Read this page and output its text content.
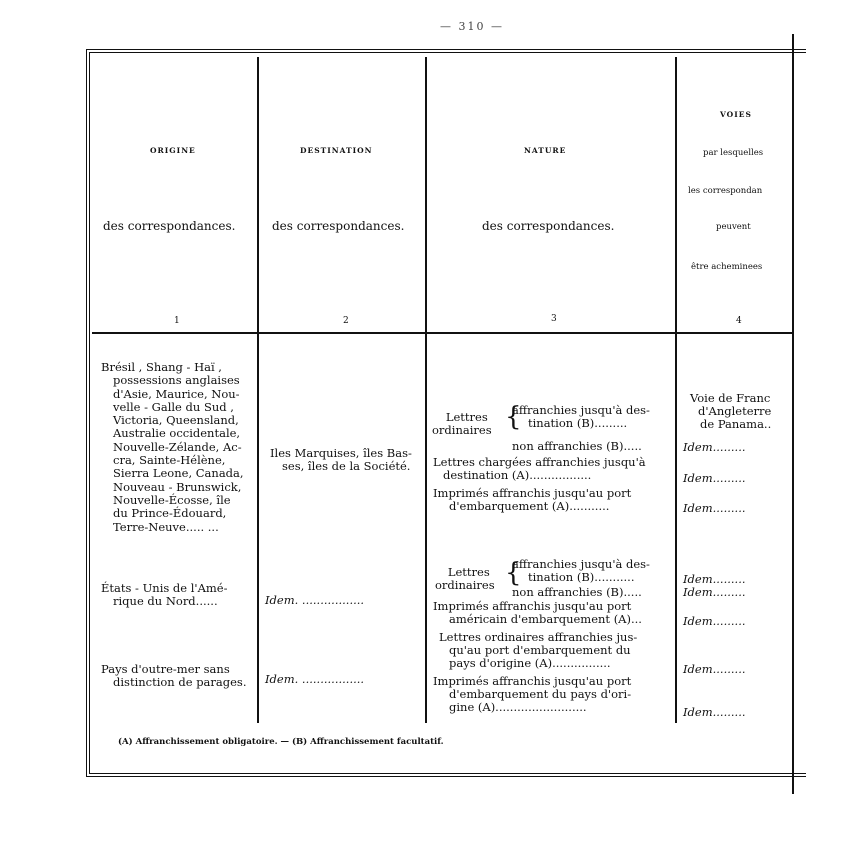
— 310 —
ORIGINE
des correspondances.
1
DESTINATION
des correspondances.
2
NATURE
des correspondances.
3
VOIES
par lesquelles
les correspondan
peuvent
être acheminees
4
Brésil , Shang - Haï ,
possessions anglaises
d'Asie, Maurice, Nou-
velle - Galle du Sud ,
Victoria, Queensland,
Australie occidentale,
Nouvelle-Zélande, Ac-
cra, Sainte-Hélène,
Sierra Leone, Canada,
Nouveau - Brunswick,
Nouvelle-Écosse, île
du Prince-Édouard,
Terre-Neuve..... ...
Iles Marquises, îles Bas-
ses, îles de la Société.
Lettres
ordinaires {
affranchies jusqu'à des-
tination (B).........
non affranchies (B).....
Lettres chargées affranchies jusqu'à
destination (A).................
Imprimés affranchis jusqu'au port
d'embarquement (A)...........
Voie de Franc
d'Angleterre
de Panama..
Idem.........
Idem.........
Idem.........
États - Unis de l'Amé-
rique du Nord......	Idem. .................
Lettres
ordinaires {
affranchies jusqu'à des-
tination (B)...........
non affranchies (B).....
Imprimés affranchis jusqu'au port
américain d'embarquement (A)...
Idem.........
Idem.........
Idem.........
Pays d'outre-mer sans
distinction de parages. Idem. .................
Lettres ordinaires affranchies jus-
qu'au port d'embarquement du
pays d'origine (A)................
Imprimés affranchis jusqu'au port
d'embarquement du pays d'ori-
gine (A).........................
Idem.........
Idem.........
(A) Affranchissement obligatoire. — (B) Affranchissement facultatif.
